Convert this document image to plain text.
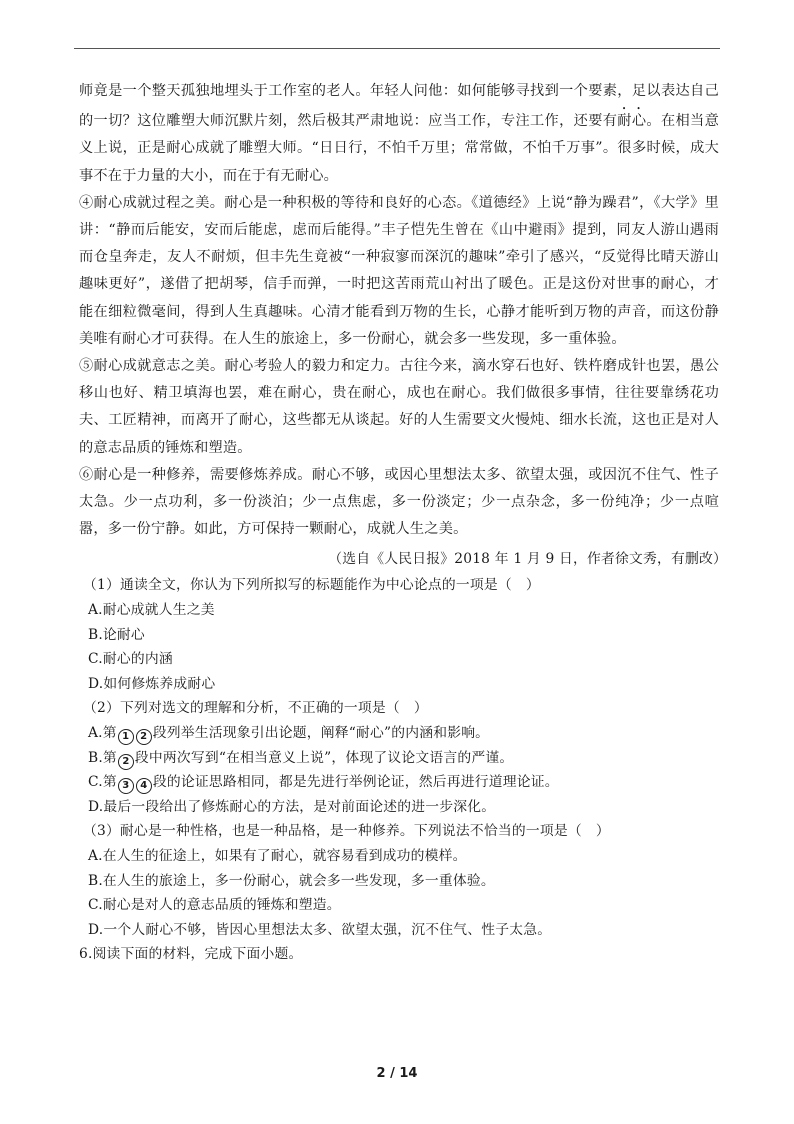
师竟是一个整天孤独地埋头于工作室的老人。年轻人问他：如何能够寻找到一个要素，足以表达自己的一切？这位雕塑大师沉默片刻，然后极其严肃地说：应当工作，专注工作，还要有耐心。在相当意义上说，正是耐心成就了雕塑大师。“日日行，不怕千万里；常常做，不怕千万事”。很多时候，成大事不在于力量的大小，而在于有无耐心。

④耐心成就过程之美。耐心是一种积极的等待和良好的心态。《道德经》上说“静为躁君”，《大学》里讲：“静而后能安，安而后能虑，虑而后能得。”丰子恺先生曾在《山中避雨》提到，同友人游山遇雨而仓皇奔走，友人不耐烦，但丰先生竟被“一种寂寥而深沉的趣味”牵引了感兴，“反觉得比晴天游山趣味更好”，遂借了把胡琴，信手而弹，一时把这苦雨荒山衬出了暖色。正是这份对世事的耐心，才能在细粒微毫间，得到人生真趣味。心清才能看到万物的生长，心静才能听到万物的声音，而这份静美唯有耐心才可获得。在人生的旅途上，多一份耐心，就会多一些发现，多一重体验。

⑤耐心成就意志之美。耐心考验人的毅力和定力。古往今来，滴水穿石也好、铁杵磨成针也罢，愚公移山也好、精卫填海也罢，难在耐心，贵在耐心，成也在耐心。我们做很多事情，往往要靠绣花功夫、工匠精神，而离开了耐心，这些都无从谈起。好的人生需要文火慢炖、细水长流，这也正是对人的意志品质的锤炼和塑造。

⑥耐心是一种修养，需要修炼养成。耐心不够，或因心里想法太多、欲望太强，或因沉不住气、性子太急。少一点功利，多一份淡泊；少一点焦虑，多一份淡定；少一点杂念，多一份纯净；少一点喧嚣，多一份宁静。如此，方可保持一颗耐心，成就人生之美。

（选自《人民日报》2018 年 1 月 9 日，作者徐文秀，有删改）

（1）通读全文，你认为下列所拟写的标题能作为中心论点的一项是（　）

A.耐心成就人生之美

B.论耐心

C.耐心的内涵

D.如何修炼养成耐心

（2）下列对选文的理解和分析，不正确的一项是（　）

A.第 1 2 段列举生活现象引出论题，阐释“耐心”的内涵和影响。

B.第 2 段中两次写到“在相当意义上说”，体现了议论文语言的严谨。

C.第 3 4 段的论证思路相同，都是先进行举例论证，然后再进行道理论证。

D.最后一段给出了修炼耐心的方法，是对前面论述的进一步深化。

（3）耐心是一种性格，也是一种品格，是一种修养。下列说法不恰当的一项是（　）

A.在人生的征途上，如果有了耐心，就容易看到成功的模样。

B.在人生的旅途上，多一份耐心，就会多一些发现，多一重体验。

C.耐心是对人的意志品质的锤炼和塑造。

D.一个人耐心不够，皆因心里想法太多、欲望太强，沉不住气、性子太急。

6.阅读下面的材料，完成下面小题。

2 / 14
